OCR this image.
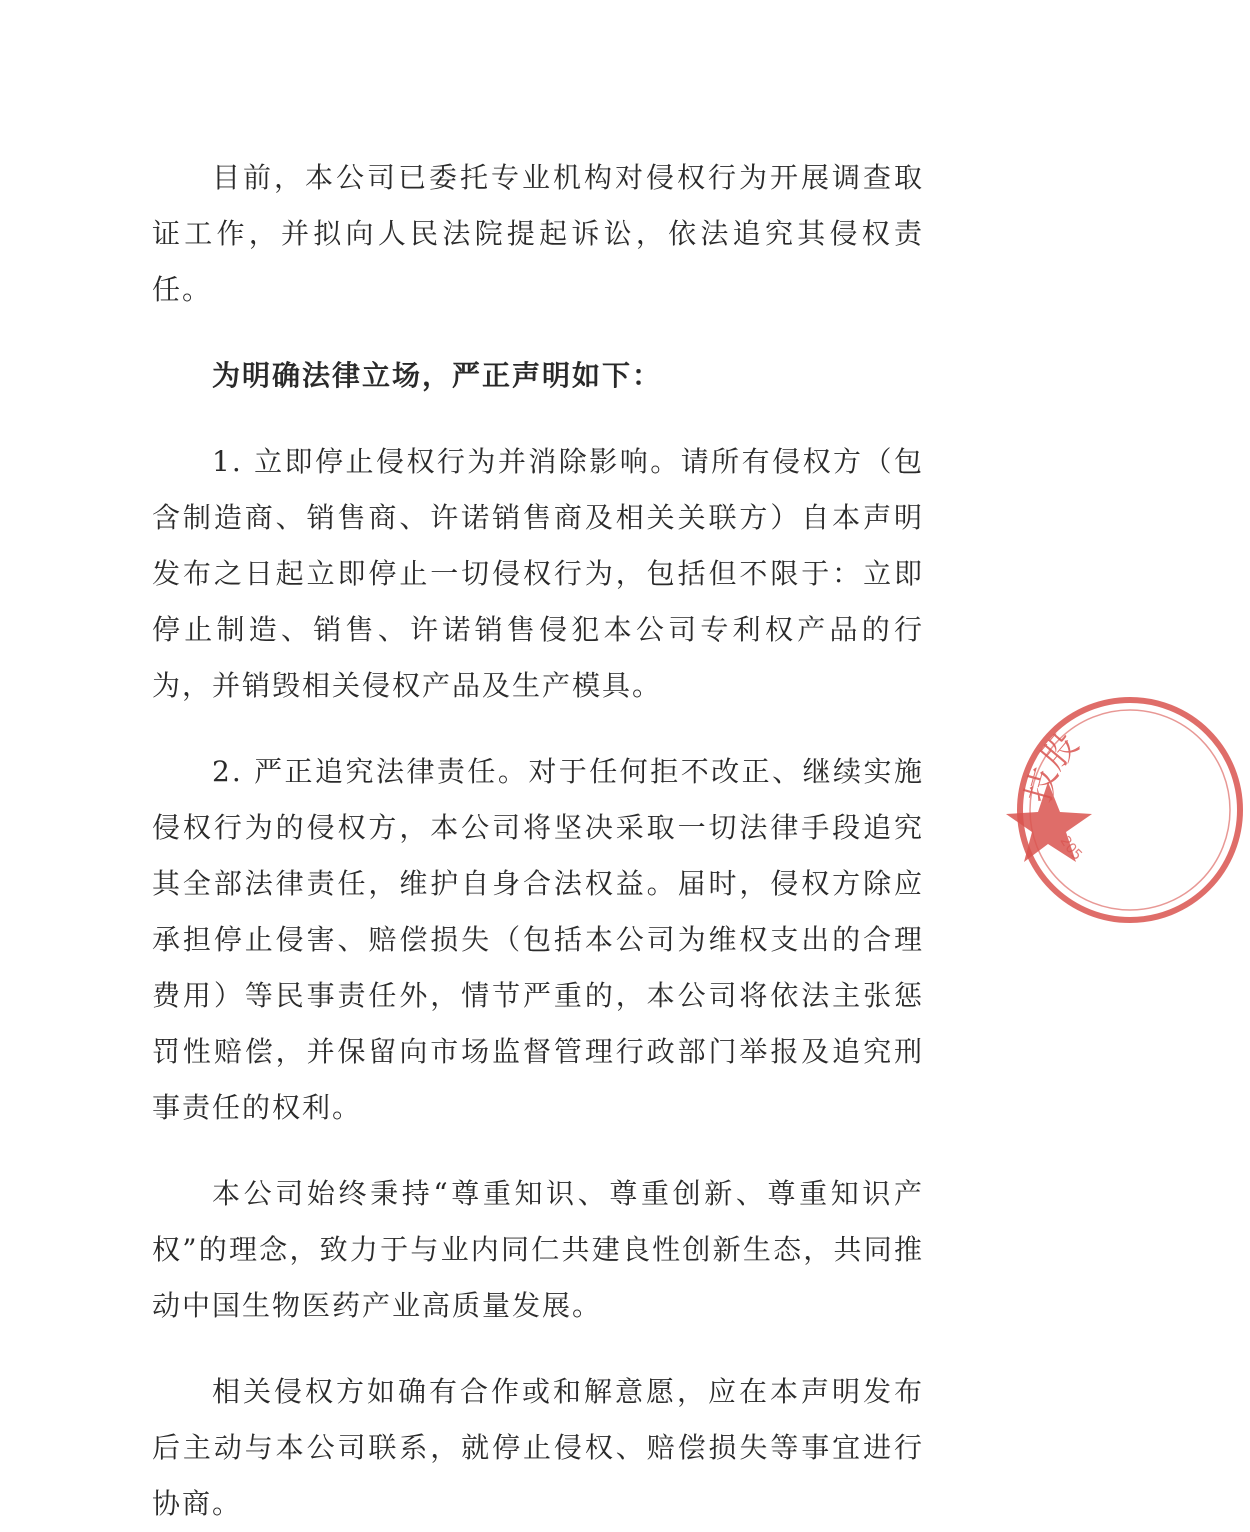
目前，本公司已委托专业机构对侵权行为开展调查取证工作，并拟向人民法院提起诉讼，依法追究其侵权责任。

为明确法律立场，严正声明如下：

1. 立即停止侵权行为并消除影响。请所有侵权方（包含制造商、销售商、许诺销售商及相关关联方）自本声明发布之日起立即停止一切侵权行为，包括但不限于：立即停止制造、销售、许诺销售侵犯本公司专利权产品的行为，并销毁相关侵权产品及生产模具。

2. 严正追究法律责任。对于任何拒不改正、继续实施侵权行为的侵权方，本公司将坚决采取一切法律手段追究其全部法律责任，维护自身合法权益。届时，侵权方除应承担停止侵害、赔偿损失（包括本公司为维权支出的合理费用）等民事责任外，情节严重的，本公司将依法主张惩罚性赔偿，并保留向市场监督管理行政部门举报及追究刑事责任的权利。

本公司始终秉持“尊重知识、尊重创新、尊重知识产权”的理念，致力于与业内同仁共建良性创新生态，共同推动中国生物医药产业高质量发展。

相关侵权方如确有合作或和解意愿，应在本声明发布后主动与本公司联系，就停止侵权、赔偿损失等事宜进行协商。

技股
205
